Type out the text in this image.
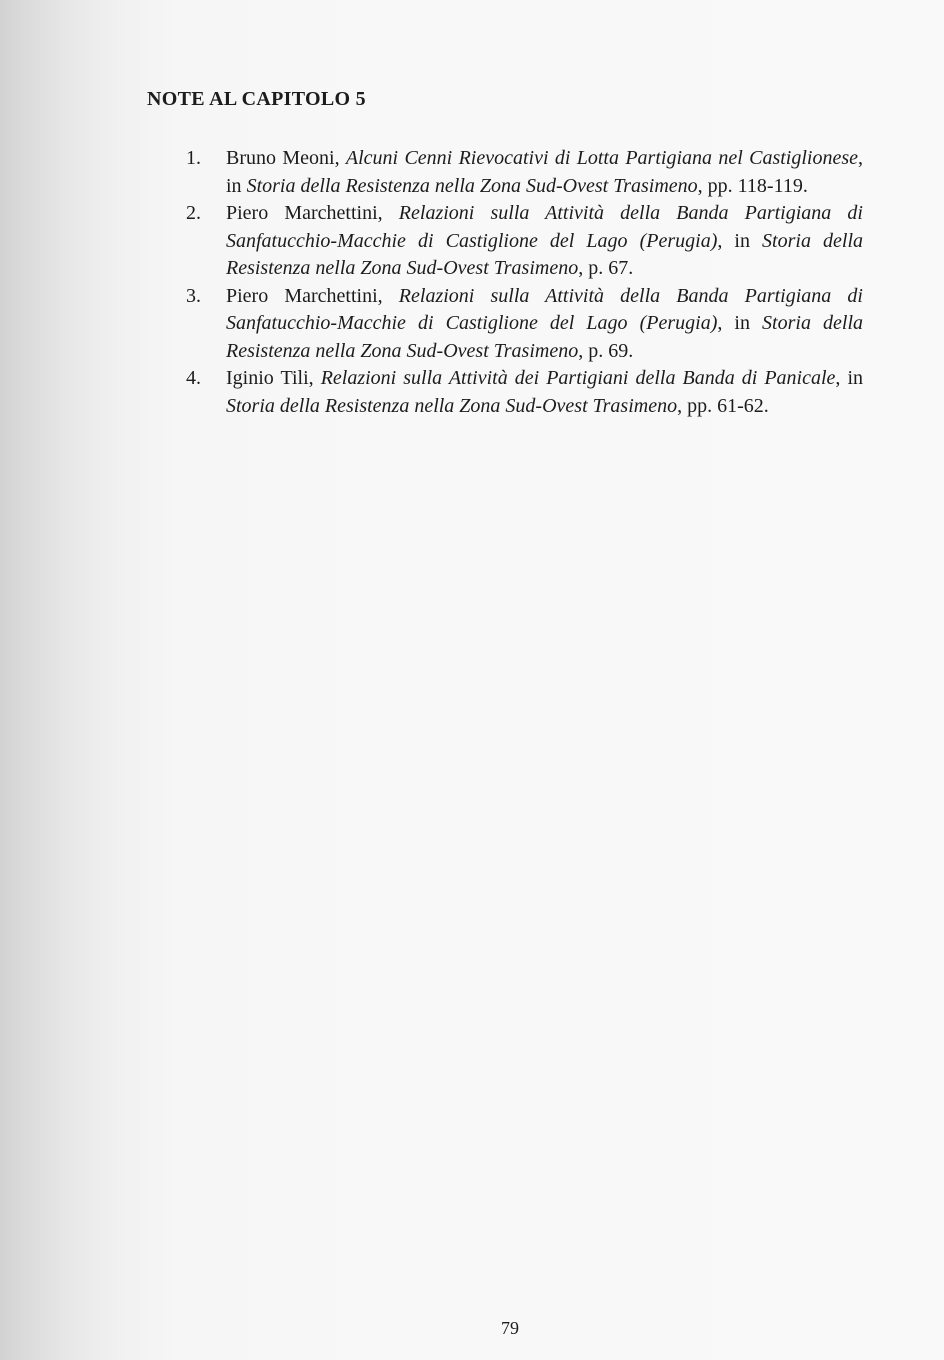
NOTE AL CAPITOLO 5
1. Bruno Meoni, Alcuni Cenni Rievocativi di Lotta Partigiana nel Castiglionese, in Storia della Resistenza nella Zona Sud-Ovest Trasimeno, pp. 118-119.
2. Piero Marchettini, Relazioni sulla Attività della Banda Partigiana di Sanfatucchio-Macchie di Castiglione del Lago (Perugia), in Storia della Resistenza nella Zona Sud-Ovest Trasimeno, p. 67.
3. Piero Marchettini, Relazioni sulla Attività della Banda Partigiana di Sanfatucchio-Macchie di Castiglione del Lago (Perugia), in Storia della Resistenza nella Zona Sud-Ovest Trasimeno, p. 69.
4. Iginio Tili, Relazioni sulla Attività dei Partigiani della Banda di Panicale, in Storia della Resistenza nella Zona Sud-Ovest Trasimeno, pp. 61-62.
79
